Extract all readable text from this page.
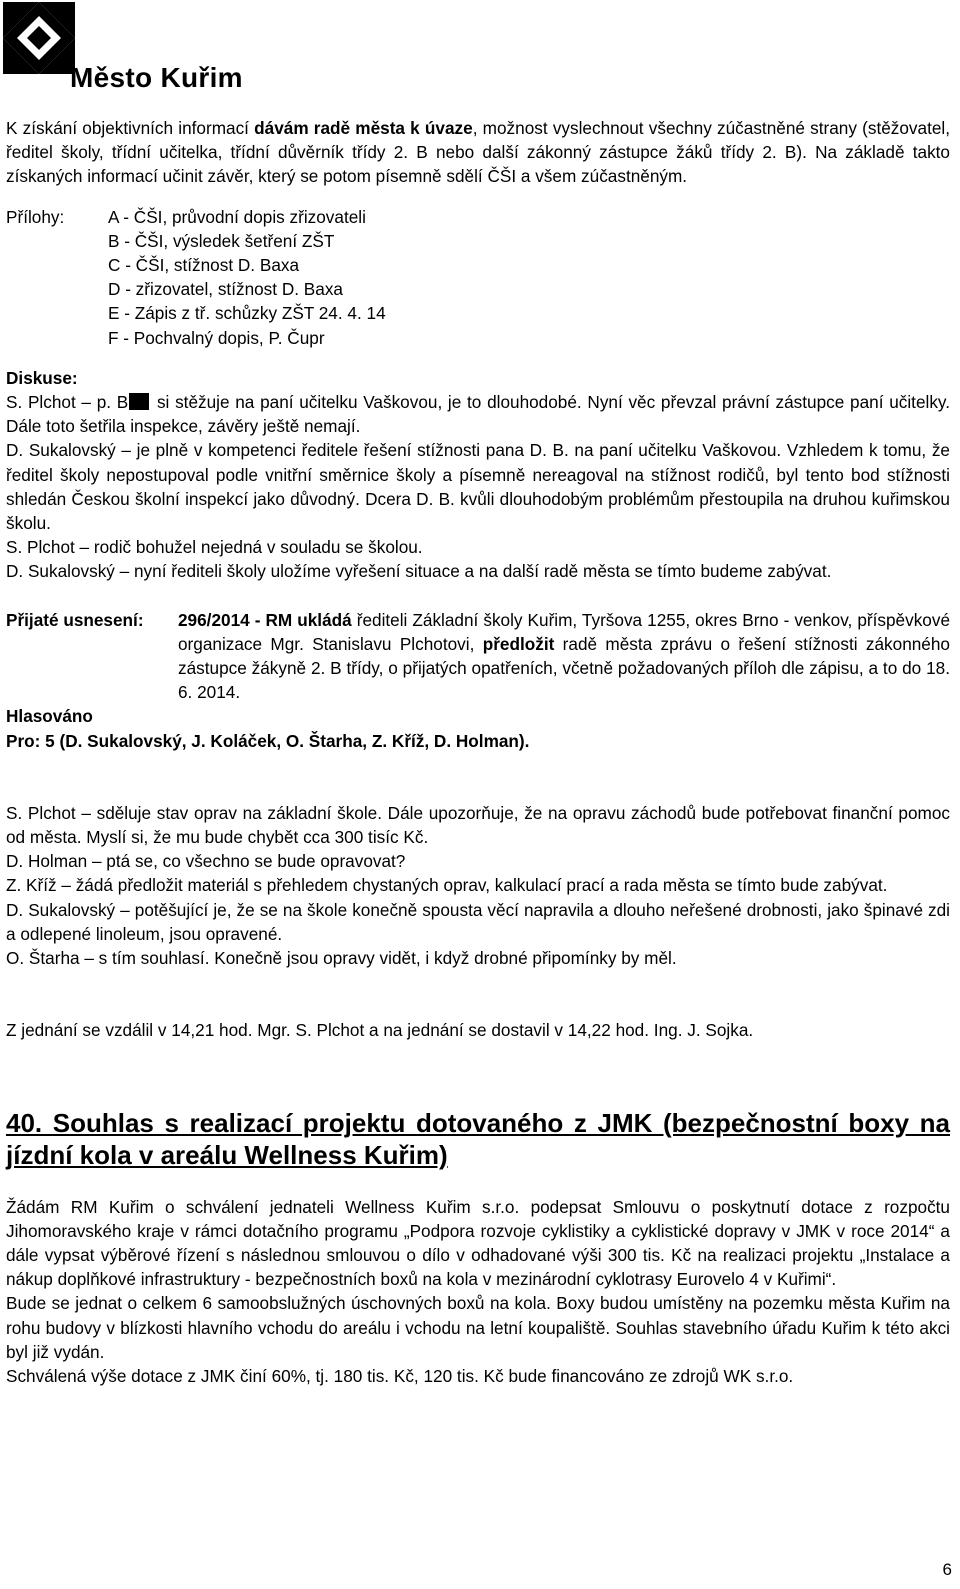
Město Kuřim

K získání objektivních informací dávám radě města k úvaze, možnost vyslechnout všechny zúčastněné strany (stěžovatel, ředitel školy, třídní učitelka, třídní důvěrník třídy 2. B nebo další zákonný zástupce žáků třídy 2. B). Na základě takto získaných informací učinit závěr, který se potom písemně sdělí ČŠI a všem zúčastněným.

Přílohy:	A - ČŠI, průvodní dopis zřizovateli
B - ČŠI, výsledek šetření ZŠT
C - ČŠI, stížnost D. Baxa
D - zřizovatel, stížnost D. Baxa
E - Zápis z tř. schůzky ZŠT 24. 4. 14
F - Pochvalný dopis, P. Čupr
Diskuse:

S. Plchot – p. B si stěžuje na paní učitelku Vaškovou, je to dlouhodobé. Nyní věc převzal právní zástupce paní učitelky. Dále toto šetřila inspekce, závěry ještě nemají.

D. Sukalovský – je plně v kompetenci ředitele řešení stížnosti pana D. B. na paní učitelku Vaškovou. Vzhledem k tomu, že ředitel školy nepostupoval podle vnitřní směrnice školy a písemně nereagoval na stížnost rodičů, byl tento bod stížnosti shledán Českou školní inspekcí jako důvodný. Dcera D. B. kvůli dlouhodobým problémům přestoupila na druhou kuřimskou školu.

S. Plchot – rodič bohužel nejedná v souladu se školou.

D. Sukalovský – nyní řediteli školy uložíme vyřešení situace a na další radě města se tímto budeme zabývat.

Přijaté usnesení:	296/2014 - RM ukládá řediteli Základní školy Kuřim, Tyršova 1255, okres Brno - venkov, příspěvkové organizace Mgr. Stanislavu Plchotovi, předložit radě města zprávu o řešení stížnosti zákonného zástupce žákyně 2. B třídy, o přijatých opatřeních, včetně požadovaných příloh dle zápisu, a to do 18. 6. 2014.
Hlasováno
Pro: 5 (D. Sukalovský, J. Koláček, O. Štarha, Z. Kříž, D. Holman).

S. Plchot – sděluje stav oprav na základní škole. Dále upozorňuje, že na opravu záchodů bude potřebovat finanční pomoc od města. Myslí si, že mu bude chybět cca 300 tisíc Kč.

D. Holman – ptá se, co všechno se bude opravovat?

Z. Kříž – žádá předložit materiál s přehledem chystaných oprav, kalkulací prací a rada města se tímto bude zabývat.

D. Sukalovský – potěšující je, že se na škole konečně spousta věcí napravila a dlouho neřešené drobnosti, jako špinavé zdi a odlepené linoleum, jsou opravené.

O. Štarha – s tím souhlasí. Konečně jsou opravy vidět, i když drobné připomínky by měl.

Z jednání se vzdálil v 14,21 hod. Mgr. S. Plchot a na jednání se dostavil v 14,22 hod. Ing. J. Sojka.

40. Souhlas s realizací projektu dotovaného z JMK (bezpečnostní boxy na jízdní kola v areálu Wellness Kuřim)

Žádám RM Kuřim o schválení jednateli Wellness Kuřim s.r.o. podepsat Smlouvu o poskytnutí dotace z rozpočtu Jihomoravského kraje v rámci dotačního programu „Podpora rozvoje cyklistiky a cyklistické dopravy v JMK v roce 2014“ a dále vypsat výběrové řízení s následnou smlouvou o dílo v odhadované výši 300 tis. Kč na realizaci projektu „Instalace a nákup doplňkové infrastruktury - bezpečnostních boxů na kola v mezinárodní cyklotrasy Eurovelo 4 v Kuřimi“.

Bude se jednat o celkem 6 samoobslužných úschovných boxů na kola. Boxy budou umístěny na pozemku města Kuřim na rohu budovy v blízkosti hlavního vchodu do areálu i vchodu na letní koupaliště. Souhlas stavebního úřadu Kuřim k této akci byl již vydán.

Schválená výše dotace z JMK činí 60%, tj. 180 tis. Kč, 120 tis. Kč bude financováno ze zdrojů WK s.r.o.

6
